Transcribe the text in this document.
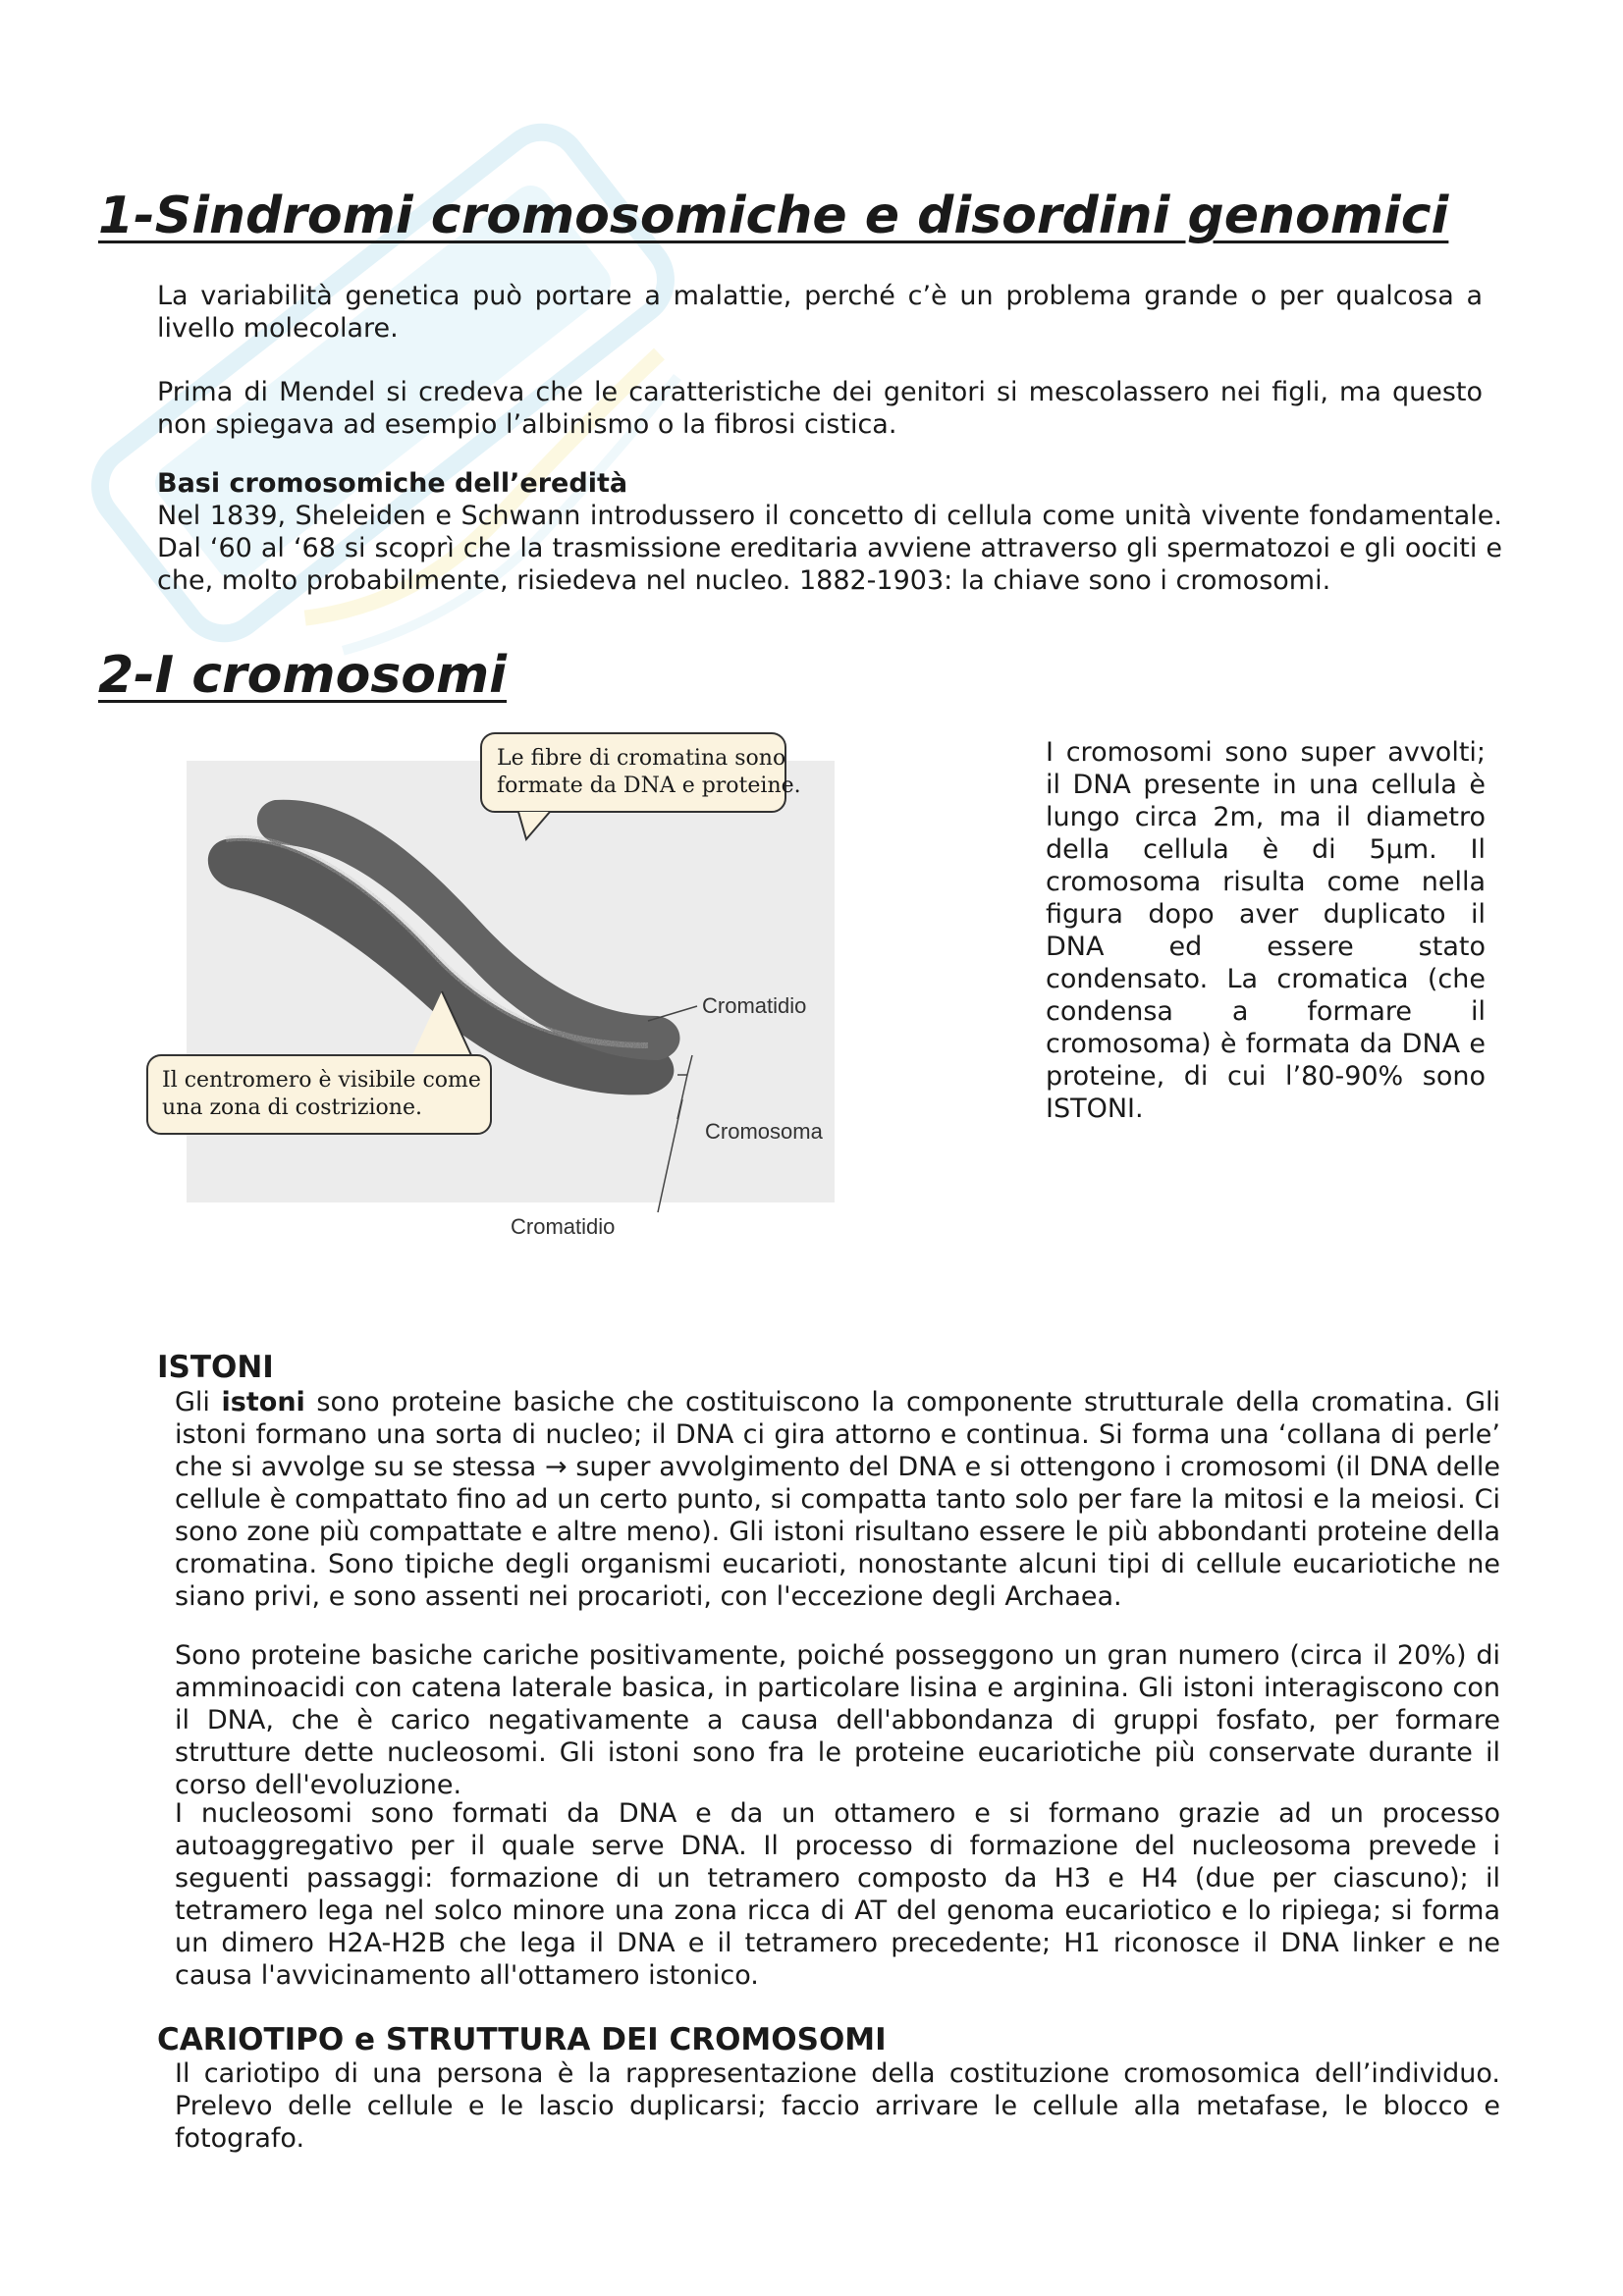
1-Sindromi cromosomiche e disordini genomici

La variabilità genetica può portare a malattie, perché c’è un problema grande o per qualcosa a livello molecolare.

Prima di Mendel si credeva che le caratteristiche dei genitori si mescolassero nei figli, ma questo non spiegava ad esempio l’albinismo o la fibrosi cistica.

Basi cromosomiche dell’eredità

Nel 1839, Sheleiden e Schwann introdussero il concetto di cellula come unità vivente fondamentale. Dal ‘60 al ‘68 si scoprì che la trasmissione ereditaria avviene attraverso gli spermatozoi e gli oociti e che, molto probabilmente, risiedeva nel nucleo. 1882-1903: la chiave sono i cromosomi.

2-I cromosomi
Le fibre di cromatina sono
formate da DNA e proteine.
Il centromero è visibile come
una zona di costrizione.
Cromatidio
Cromosoma
Cromatidio

I cromosomi sono super avvolti; il DNA presente in una cellula è lungo circa 2m, ma il diametro della cellula è di 5µm. Il cromosoma risulta come nella figura dopo aver duplicato il DNA ed essere stato condensato. La cromatica (che condensa a formare il cromosoma) è formata da DNA e proteine, di cui l’80-90% sono ISTONI.

ISTONI

Gli istoni sono proteine basiche che costituiscono la componente strutturale della cromatina. Gli istoni formano una sorta di nucleo; il DNA ci gira attorno e continua. Si forma una ‘collana di perle’ che si avvolge su se stessa → super avvolgimento del DNA e si ottengono i cromosomi (il DNA delle cellule è compattato fino ad un certo punto, si compatta tanto solo per fare la mitosi e la meiosi. Ci sono zone più compattate e altre meno). Gli istoni risultano essere le più abbondanti proteine della cromatina. Sono tipiche degli organismi eucarioti, nonostante alcuni tipi di cellule eucariotiche ne siano privi, e sono assenti nei procarioti, con l'eccezione degli Archaea.

Sono proteine basiche cariche positivamente, poiché posseggono un gran numero (circa il 20%) di amminoacidi con catena laterale basica, in particolare lisina e arginina. Gli istoni interagiscono con il DNA, che è carico negativamente a causa dell'abbondanza di gruppi fosfato, per formare strutture dette nucleosomi. Gli istoni sono fra le proteine eucariotiche più conservate durante il corso dell'evoluzione.

I nucleosomi sono formati da DNA e da un ottamero e si formano grazie ad un processo autoaggregativo per il quale serve DNA. Il processo di formazione del nucleosoma prevede i seguenti passaggi: formazione di un tetramero composto da H3 e H4 (due per ciascuno); il tetramero lega nel solco minore una zona ricca di AT del genoma eucariotico e lo ripiega; si forma un dimero H2A-H2B che lega il DNA e il tetramero precedente; H1 riconosce il DNA linker e ne causa l'avvicinamento all'ottamero istonico.

CARIOTIPO e STRUTTURA DEI CROMOSOMI

Il cariotipo di una persona è la rappresentazione della costituzione cromosomica dell’individuo. Prelevo delle cellule e le lascio duplicarsi; faccio arrivare le cellule alla metafase, le blocco e fotografo.
